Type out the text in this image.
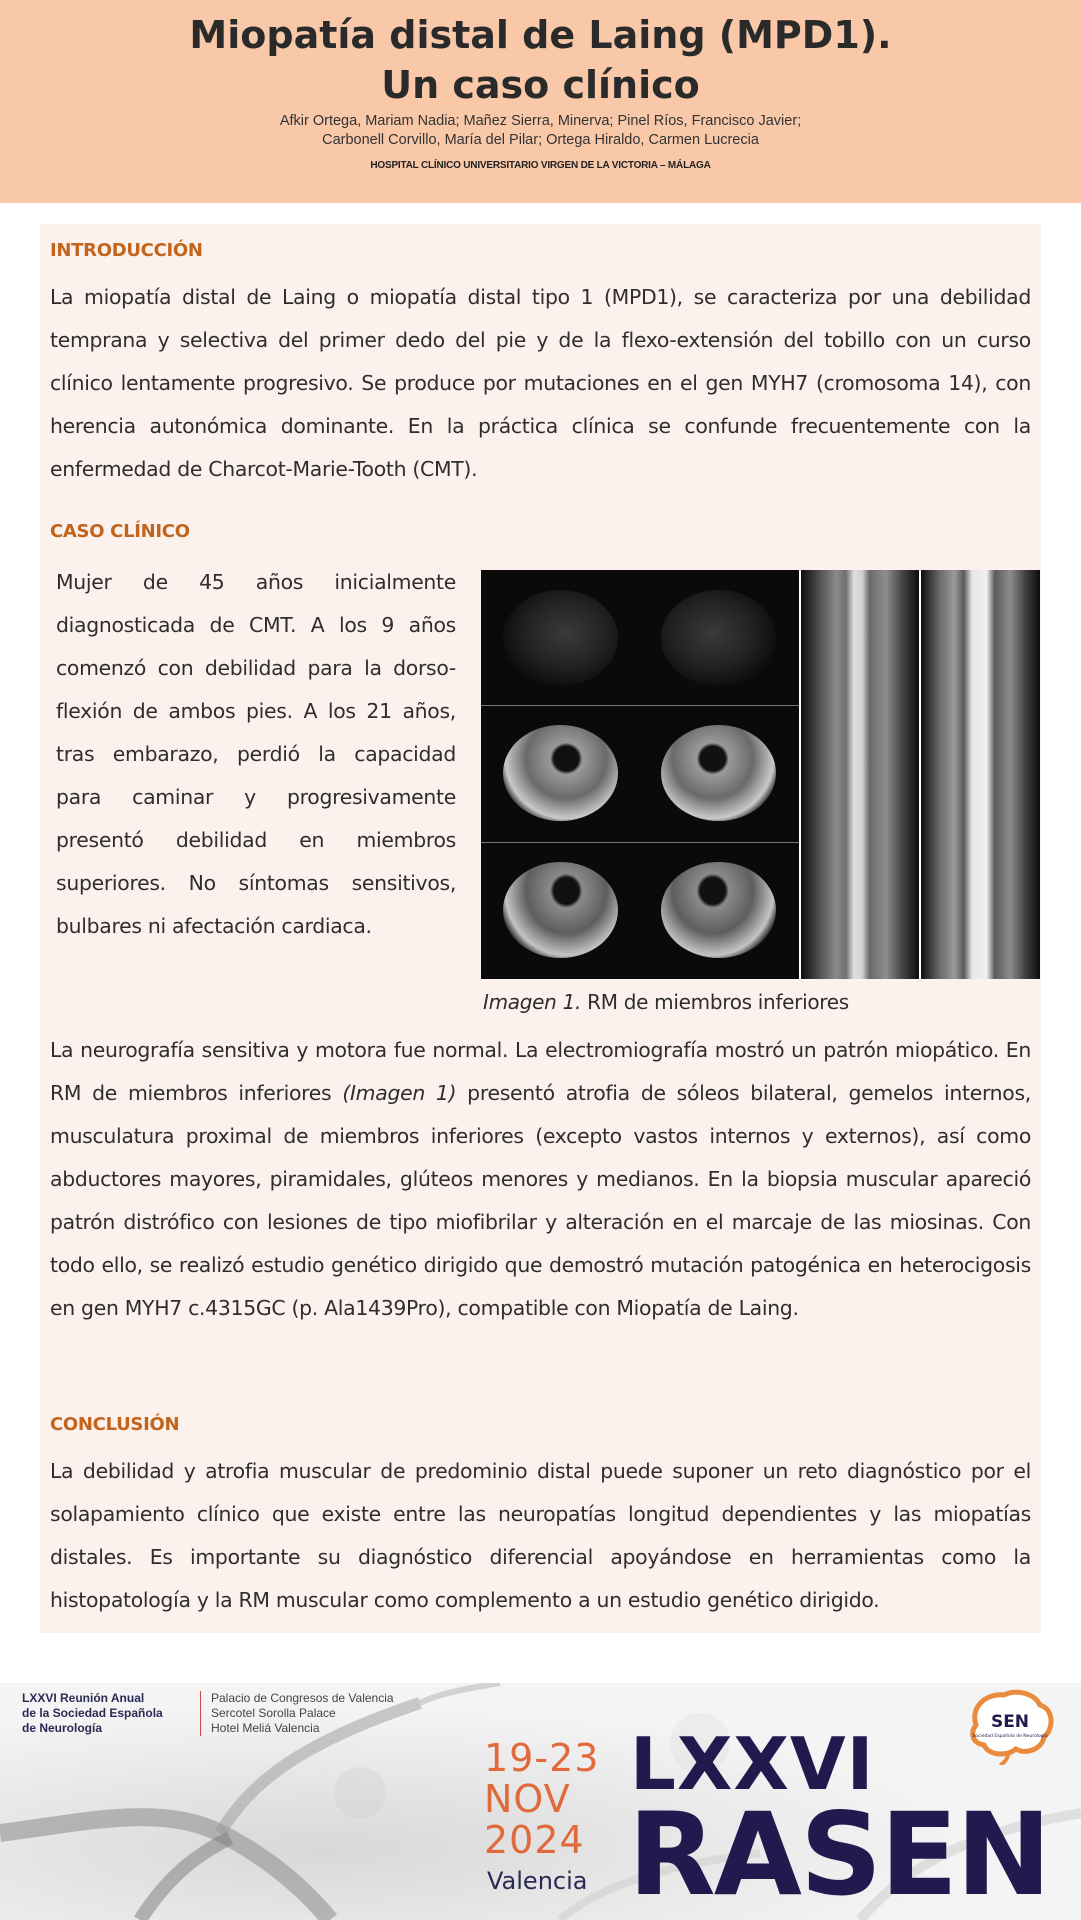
Miopatía distal de Laing (MPD1).
Un caso clínico
Afkir Ortega, Mariam Nadia; Mañez Sierra, Minerva; Pinel Ríos, Francisco Javier;
Carbonell Corvillo, María del Pilar; Ortega Hiraldo, Carmen Lucrecia
HOSPITAL CLÍNICO UNIVERSITARIO VIRGEN DE LA VICTORIA – MÁLAGA
INTRODUCCIÓN
La miopatía distal de Laing o miopatía distal tipo 1 (MPD1), se caracteriza por una debilidad temprana y selectiva del primer dedo del pie y de la flexo-extensión del tobillo con un curso clínico lentamente progresivo. Se produce por mutaciones en el gen MYH7 (cromosoma 14), con herencia autonómica dominante. En la práctica clínica se confunde frecuentemente con la enfermedad de Charcot-Marie-Tooth (CMT).
CASO CLÍNICO
Mujer de 45 años inicialmente diagnosticada de CMT. A los 9 años comenzó con debilidad para la dorso-flexión de ambos pies. A los 21 años, tras embarazo, perdió la capacidad para caminar y progresivamente presentó debilidad en miembros superiores. No síntomas sensitivos, bulbares ni afectación cardiaca.
Imagen 1. RM de miembros inferiores
La neurografía sensitiva y motora fue normal. La electromiografía mostró un patrón miopático. En RM de miembros inferiores (Imagen 1) presentó atrofia de sóleos bilateral, gemelos internos, musculatura proximal de miembros inferiores (excepto vastos internos y externos), así como abductores mayores, piramidales, glúteos menores y medianos. En la biopsia muscular apareció patrón distrófico con lesiones de tipo miofibrilar y alteración en el marcaje de las miosinas. Con todo ello, se realizó estudio genético dirigido que demostró mutación patogénica en heterocigosis en gen MYH7 c.4315GC (p. Ala1439Pro), compatible con Miopatía de Laing.
CONCLUSIÓN
La debilidad y atrofia muscular de predominio distal puede suponer un reto diagnóstico por el solapamiento clínico que existe entre las neuropatías longitud dependientes y las miopatías distales. Es importante su diagnóstico diferencial apoyándose en herramientas como la histopatología y la RM muscular como complemento a un estudio genético dirigido.
LXXVI Reunión Anual
de la Sociedad Española
de Neurología
Palacio de Congresos de Valencia
Sercotel Sorolla Palace
Hotel Meliá Valencia
19-23
NOV
2024
Valencia
LXXVI
RASEN
SEN
Sociedad Española de Neurología
